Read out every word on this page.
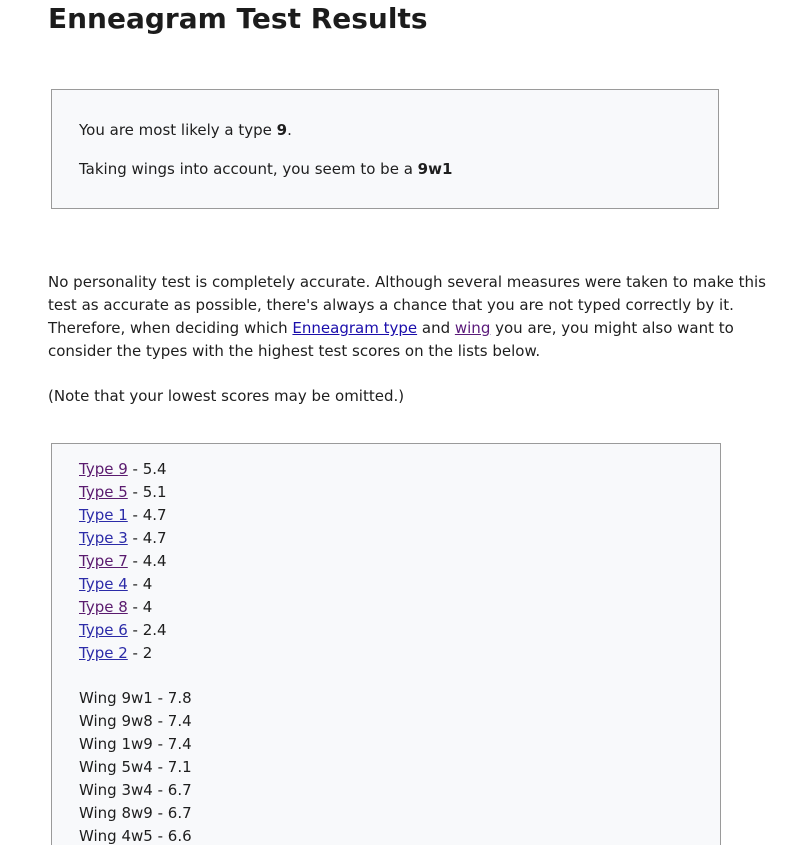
Enneagram Test Results

You are most likely a type 9.

Taking wings into account, you seem to be a 9w1

No personality test is completely accurate. Although several measures were taken to make this test as accurate as possible, there's always a chance that you are not typed correctly by it. Therefore, when deciding which Enneagram type and wing you are, you might also want to consider the types with the highest test scores on the lists below.

(Note that your lowest scores may be omitted.)

Type 9 - 5.4
Type 5 - 5.1
Type 1 - 4.7
Type 3 - 4.7
Type 7 - 4.4
Type 4 - 4
Type 8 - 4
Type 6 - 2.4
Type 2 - 2
Wing 9w1 - 7.8
Wing 9w8 - 7.4
Wing 1w9 - 7.4
Wing 5w4 - 7.1
Wing 3w4 - 6.7
Wing 8w9 - 6.7
Wing 4w5 - 6.6
